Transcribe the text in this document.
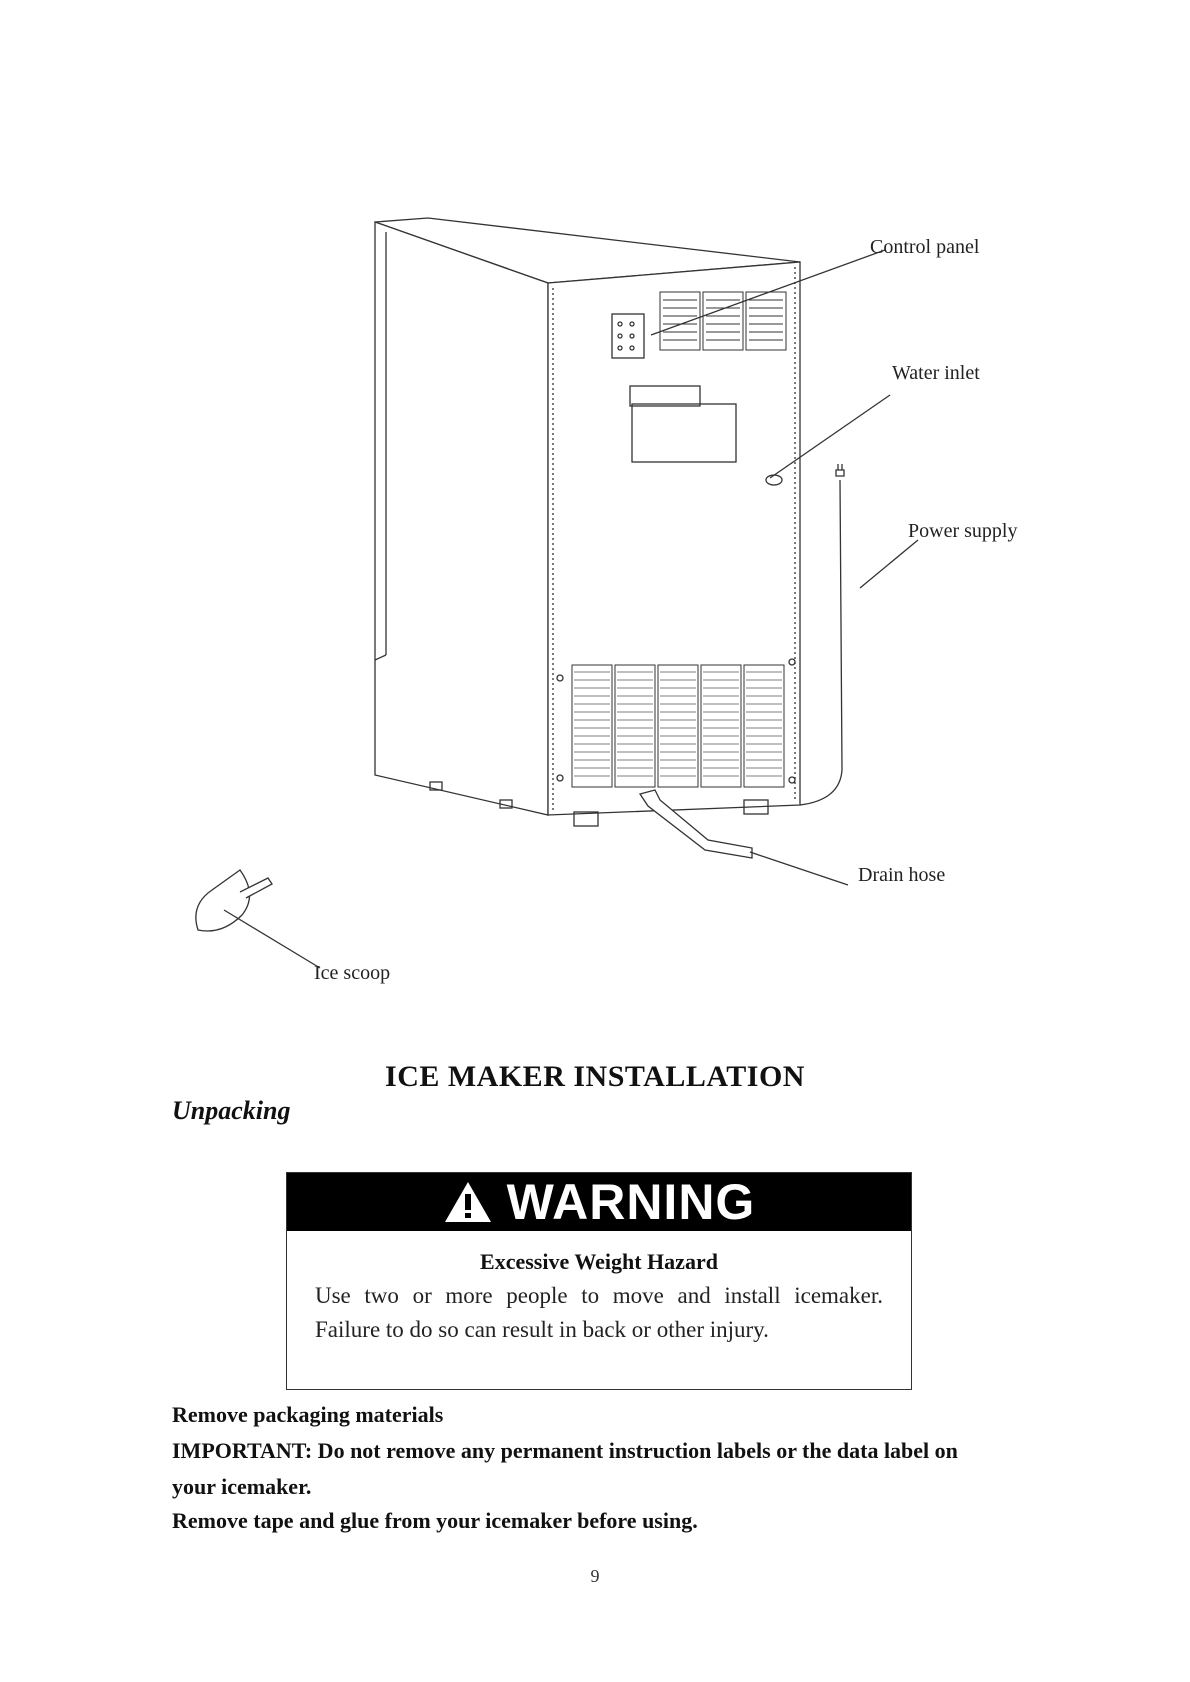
Control panel
Water inlet
Power supply
Drain hose
Ice scoop
ICE MAKER INSTALLATION
Unpacking
WARNING
Excessive Weight Hazard
Use two or more people to move and install icemaker.
Failure to do so can result in back or other injury.
Remove packaging materials
IMPORTANT: Do not remove any permanent instruction labels or the data label on
your icemaker.
Remove tape and glue from your icemaker before using.
9
